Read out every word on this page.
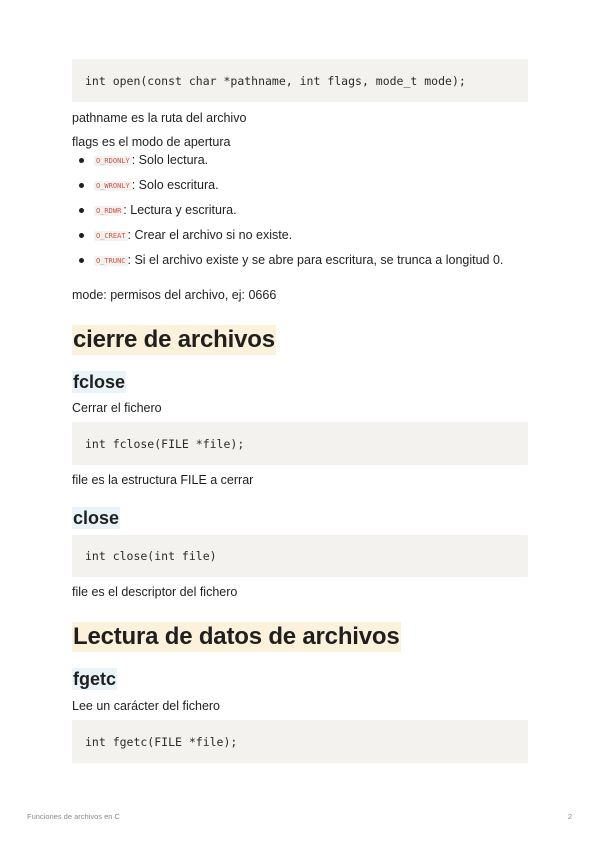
int open(const char *pathname, int flags, mode_t mode);
pathname es la ruta del archivo
flags es el modo de apertura
O_RDONLY : Solo lectura.
O_WRONLY : Solo escritura.
O_RDWR : Lectura y escritura.
O_CREAT : Crear el archivo si no existe.
O_TRUNC : Si el archivo existe y se abre para escritura, se trunca a longitud 0.
mode: permisos del archivo, ej: 0666
cierre de archivos
fclose
Cerrar el fichero
int fclose(FILE *file);
file es la estructura FILE a cerrar
close
int close(int file)
file es el descriptor del fichero
Lectura de datos de archivos
fgetc
Lee un carácter del fichero
int fgetc(FILE *file);
Funciones de archivos en C	2
